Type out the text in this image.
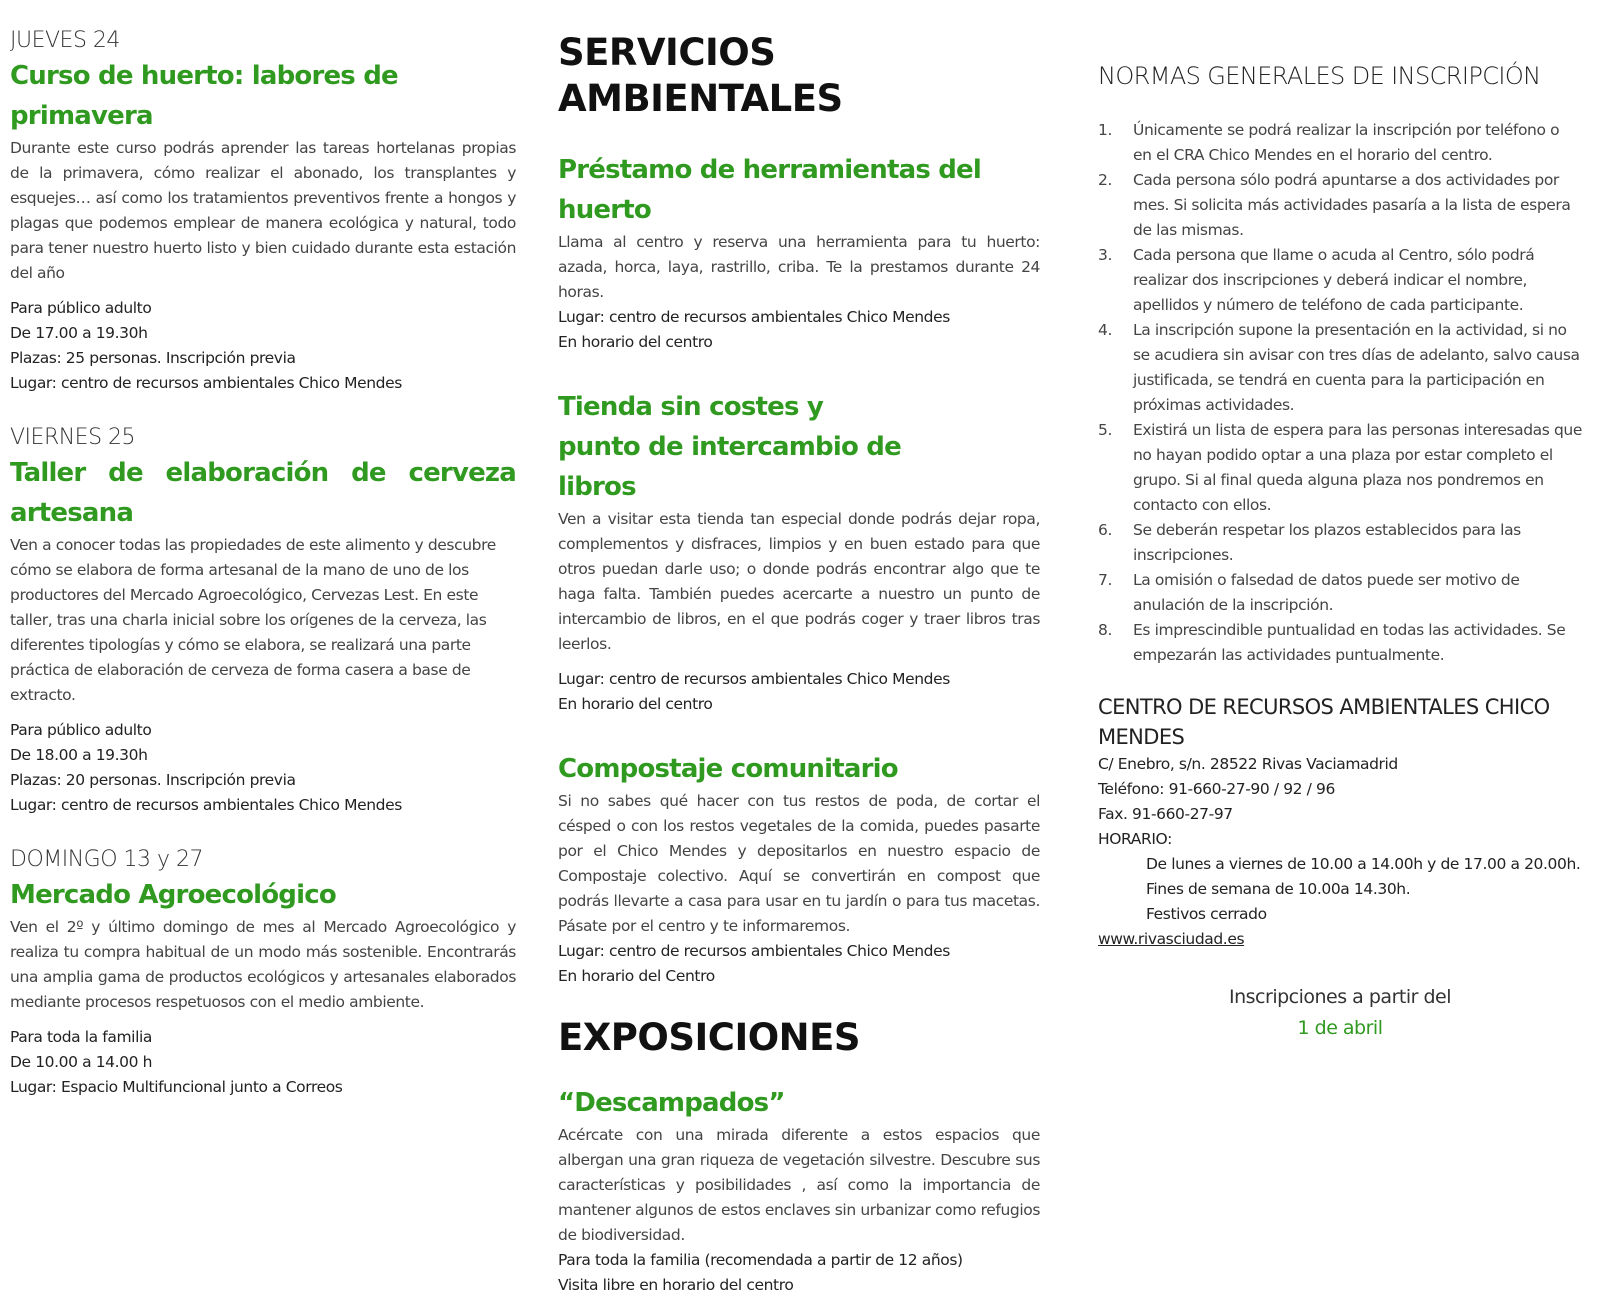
JUEVES 24

Curso de huerto: labores de primavera

Durante este curso podrás aprender las tareas hortelanas propias de la primavera, cómo realizar el abonado, los transplantes y esquejes… así como los tratamientos preventivos frente a hongos y plagas que podemos emplear de manera ecológica y natural, todo para tener nuestro huerto listo y bien cuidado durante esta estación del año

Para público adulto

De 17.00 a 19.30h

Plazas: 25 personas. Inscripción previa

Lugar: centro de recursos ambientales Chico Mendes

VIERNES 25

Taller de elaboración de cerveza artesana

Ven a conocer todas las propiedades de este alimento y descubre cómo se elabora de forma artesanal de la mano de uno de los productores del Mercado Agroecológico, Cervezas Lest. En este taller, tras una charla inicial sobre los orígenes de la cerveza, las diferentes tipologías y cómo se elabora, se realizará una parte práctica de elaboración de cerveza de forma casera a base de extracto.

Para público adulto

De 18.00 a 19.30h

Plazas: 20 personas. Inscripción previa

Lugar: centro de recursos ambientales Chico Mendes

DOMINGO 13 y 27

Mercado Agroecológico

Ven el 2º y último domingo de mes al Mercado Agroecológico y realiza tu compra habitual de un modo más sostenible. Encontrarás una amplia gama de productos ecológicos y artesanales elaborados mediante procesos respetuosos con el medio ambiente.

Para toda la familia

De 10.00 a 14.00 h

Lugar: Espacio Multifuncional junto a Correos

SERVICIOS AMBIENTALES

Préstamo de herramientas del huerto

Llama al centro y reserva una herramienta para tu huerto: azada, horca, laya, rastrillo, criba. Te la prestamos durante 24 horas.

Lugar: centro de recursos ambientales Chico Mendes

En horario del centro

Tienda sin costes y punto de intercambio de libros

Ven a visitar esta tienda tan especial donde podrás dejar ropa, complementos y disfraces, limpios y en buen estado para que otros puedan darle uso; o donde podrás encontrar algo que te haga falta. También puedes acercarte a nuestro un punto de intercambio de libros, en el que podrás coger y traer libros tras leerlos.

Lugar: centro de recursos ambientales Chico Mendes

En horario del centro

Compostaje comunitario

Si no sabes qué hacer con tus restos de poda, de cortar el césped o con los restos vegetales de la comida, puedes pasarte por el Chico Mendes y depositarlos en nuestro espacio de Compostaje colectivo. Aquí se convertirán en compost que podrás llevarte a casa para usar en tu jardín o para tus macetas. Pásate por el centro y te informaremos.

Lugar: centro de recursos ambientales Chico Mendes

En horario del Centro

EXPOSICIONES

“Descampados”

Acércate con una mirada diferente a estos espacios que albergan una gran riqueza de vegetación silvestre. Descubre sus características y posibilidades , así como la importancia de mantener algunos de estos enclaves sin urbanizar como refugios de biodiversidad.

Para toda la familia (recomendada a partir de 12 años)

Visita libre en horario del centro

NORMAS GENERALES DE INSCRIPCIÓN
1. Únicamente se podrá realizar la inscripción por teléfono o en el CRA Chico Mendes en el horario del centro.
2. Cada persona sólo podrá apuntarse a dos actividades por mes. Si solicita más actividades pasaría a la lista de espera de las mismas.
3. Cada persona que llame o acuda al Centro, sólo podrá realizar dos inscripciones y deberá indicar el nombre, apellidos y número de teléfono de cada participante.
4. La inscripción supone la presentación en la actividad, si no se acudiera sin avisar con tres días de adelanto, salvo causa justificada, se tendrá en cuenta para la participación en próximas actividades.
5. Existirá un lista de espera para las personas interesadas que no hayan podido optar a una plaza por estar completo el grupo. Si al final queda alguna plaza nos pondremos en contacto con ellos.
6. Se deberán respetar los plazos establecidos para las inscripciones.
7. La omisión o falsedad de datos puede ser motivo de anulación de la inscripción.
8. Es imprescindible puntualidad en todas las actividades. Se empezarán las actividades puntualmente.

CENTRO DE RECURSOS AMBIENTALES CHICO MENDES

C/ Enebro, s/n. 28522 Rivas Vaciamadrid

Teléfono: 91-660-27-90 / 92 / 96

Fax. 91-660-27-97

HORARIO:

De lunes a viernes de 10.00 a 14.00h y de 17.00 a 20.00h.

Fines de semana de 10.00a 14.30h.

Festivos cerrado

www.rivasciudad.es

Inscripciones a partir del
1 de abril
